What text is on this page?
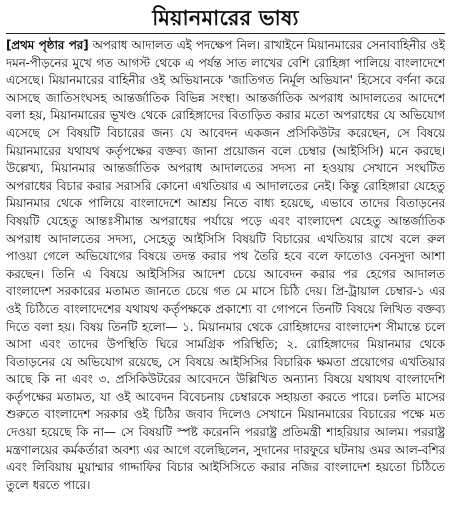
মিয়ানমারের ভাষ্য

[প্রথম পৃষ্ঠার পর] অপরাধ আদালত এই পদক্ষেপ নিল। রাখাইনে মিয়ানমারের সেনাবাহিনীর ওই দমন-পীড়নের মুখে গত আগস্ট থেকে এ পর্যন্ত সাত লাখের বেশি রোহিঙ্গা পালিয়ে বাংলাদেশে এসেছে। মিয়ানমারের বাহিনীর ওই অভিযানকে 'জাতিগত নির্মূল অভিযান' হিসেবে বর্ণনা করে আসছে জাতিসংঘসহ আন্তর্জাতিক বিভিন্ন সংস্থা। আন্তর্জাতিক অপরাধ আদালতের আদেশে বলা হয়, মিয়ানমারের ভূখণ্ড থেকে রোহিঙ্গাদের বিতাড়িত করার মতো অপরাধের যে অভিযোগ এসেছে সে বিষয়টি বিচারের জন্য যে আবেদন একজন প্রসিকিউটর করেছেন, সে বিষয়ে মিয়ানমারের যথাযথ কর্তৃপক্ষের বক্তব্য জানা প্রয়োজন বলে চেম্বার (আইসিসি) মনে করছে। উল্লেখ্য, মিয়ানমার আন্তর্জাতিক অপরাধ আদালতের সদস্য না হওয়ায় সেখানে সংঘটিত অপরাধের বিচার করার সরাসরি কোনো এখতিয়ার এ আদালতের নেই। কিন্তু রোহিঙ্গারা যেহেতু মিয়ানমার থেকে পালিয়ে বাংলাদেশে আশ্রয় নিতে বাধ্য হয়েছে, এভাবে তাদের বিতাড়নের বিষয়টি যেহেতু আন্তঃসীমান্ত অপরাধের পর্যায়ে পড়ে এবং বাংলাদেশ যেহেতু আন্তর্জাতিক অপরাধ আদালতের সদস্য, সেহেতু আইসিসি বিষয়টি বিচারের এখতিয়ার রাখে বলে রুল পাওয়া গেলে অভিযোগের বিষয়ে তদন্ত করার পথ তৈরি হবে বলে ফাতোও বেনসুদা আশা করছেন। তিনি এ বিষয়ে আইসিসির আদেশ চেয়ে আবেদন করার পর হেগের আদালত বাংলাদেশ সরকারের মতামত জানতে চেয়ে গত মে মাসে চিঠি দেয়। প্রি-ট্রায়াল চেম্বার-১ এর ওই চিঠিতে বাংলাদেশের যথাযথ কর্তৃপক্ষকে প্রকাশ্যে বা গোপনে তিনটি বিষয়ে লিখিত বক্তব্য দিতে বলা হয়। বিষয় তিনটি হলো— ১. মিয়ানমার থেকে রোহিঙ্গাদের বাংলাদেশ সীমান্তে চলে আসা এবং তাদের উপস্থিতি ঘিরে সামগ্রিক পরিস্থিতি; ২. রোহিঙ্গাদের মিয়ানমার থেকে বিতাড়নের যে অভিযোগ রয়েছে, সে বিষয়ে আইসিসির বিচারিক ক্ষমতা প্রয়োগের এখতিয়ার আছে কি না এবং ৩. প্রসিকিউটরের আবেদনে উল্লিখিত অন্যান্য বিষয়ে যথাযথ বাংলাদেশি কর্তৃপক্ষের মতামত, যা ওই আবেদন বিবেচনায় চেম্বারকে সহায়তা করতে পারে। চলতি মাসের শুরুতে বাংলাদেশ সরকার ওই চিঠির জবাব দিলেও সেখানে মিয়ানমারের বিচারের পক্ষে মত দেওয়া হয়েছে কি না— সে বিষয়টি স্পষ্ট করেননি পররাষ্ট্র প্রতিমন্ত্রী শাহরিয়ার আলম। পররাষ্ট্র মন্ত্রণালয়ের কর্মকর্তারা অবশ্য এর আগে বলেছিলেন, সুদানের দারফুরে ঘটনায় ওমর আল-বশির এবং লিবিয়ায় মুয়াম্মার গাদ্দাফির বিচার আইসিসিতে করার নজির বাংলাদেশ হয়তো চিঠিতে তুলে ধরতে পারে।
